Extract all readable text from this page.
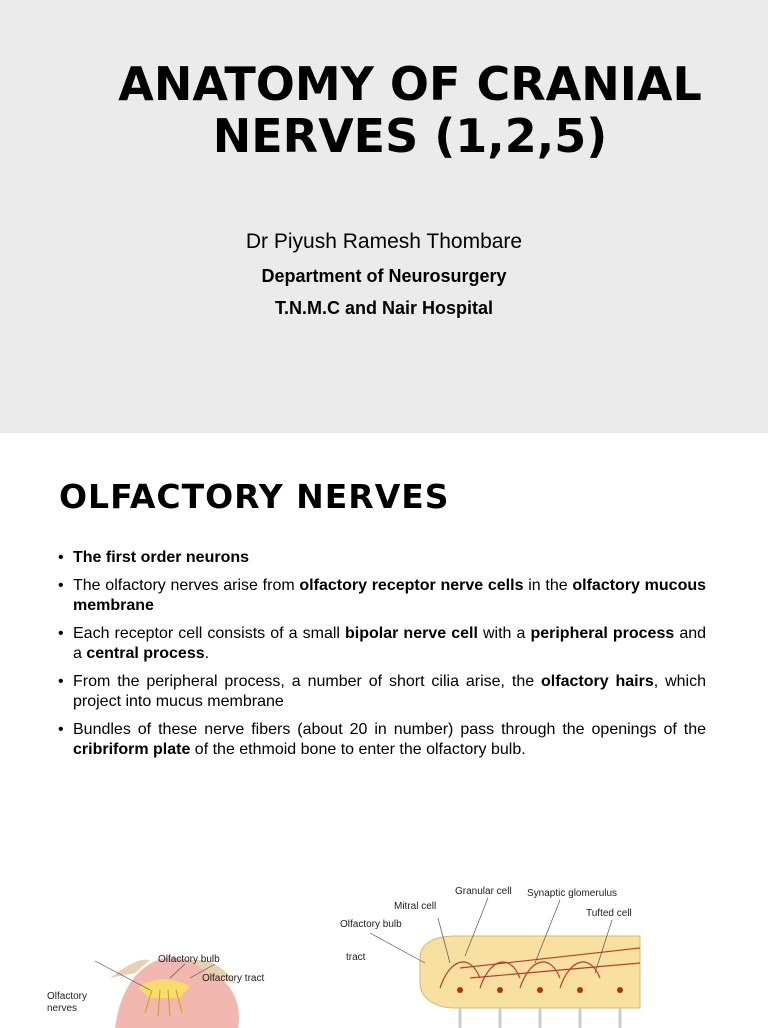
ANATOMY OF CRANIAL NERVES (1,2,5)

Dr Piyush Ramesh Thombare

Department of Neurosurgery

T.N.M.C and Nair Hospital

OLFACTORY NERVES
• The first order neurons
• The olfactory nerves arise from olfactory receptor nerve cells in the olfactory mucous membrane
• Each receptor cell consists of a small bipolar nerve cell with a peripheral process and a central process.
• From the peripheral process, a number of short cilia arise, the olfactory hairs, which project into mucus membrane
• Bundles of these nerve fibers (about 20 in number) pass through the openings of the cribriform plate of the ethmoid bone to enter the olfactory bulb.
Olfactory bulb
Olfactory tract
Olfactory
nerves
Granular cell Synaptic glomerulus
Mitral cell
Tufted cell
Olfactory bulb
tract
